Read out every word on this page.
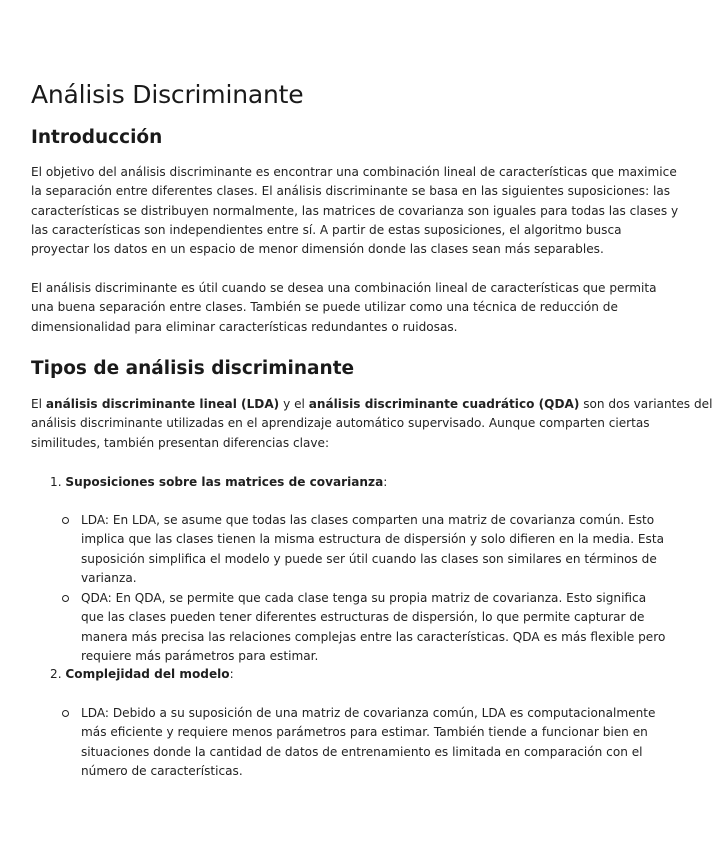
Análisis Discriminante
Introducción

El objetivo del análisis discriminante es encontrar una combinación lineal de características que maximice
la separación entre diferentes clases. El análisis discriminante se basa en las siguientes suposiciones: las
características se distribuyen normalmente, las matrices de covarianza son iguales para todas las clases y
las características son independientes entre sí. A partir de estas suposiciones, el algoritmo busca
proyectar los datos en un espacio de menor dimensión donde las clases sean más separables.

El análisis discriminante es útil cuando se desea una combinación lineal de características que permita
una buena separación entre clases. También se puede utilizar como una técnica de reducción de
dimensionalidad para eliminar características redundantes o ruidosas.

Tipos de análisis discriminante

El análisis discriminante lineal (LDA) y el análisis discriminante cuadrático (QDA) son dos variantes del
análisis discriminante utilizadas en el aprendizaje automático supervisado. Aunque comparten ciertas
similitudes, también presentan diferencias clave:

1. Suposiciones sobre las matrices de covarianza:
LDA: En LDA, se asume que todas las clases comparten una matriz de covarianza común. Esto
implica que las clases tienen la misma estructura de dispersión y solo difieren en la media. Esta
suposición simplifica el modelo y puede ser útil cuando las clases son similares en términos de
varianza.
QDA: En QDA, se permite que cada clase tenga su propia matriz de covarianza. Esto significa
que las clases pueden tener diferentes estructuras de dispersión, lo que permite capturar de
manera más precisa las relaciones complejas entre las características. QDA es más flexible pero
requiere más parámetros para estimar.
2. Complejidad del modelo:
LDA: Debido a su suposición de una matriz de covarianza común, LDA es computacionalmente
más eficiente y requiere menos parámetros para estimar. También tiende a funcionar bien en
situaciones donde la cantidad de datos de entrenamiento es limitada en comparación con el
número de características.
